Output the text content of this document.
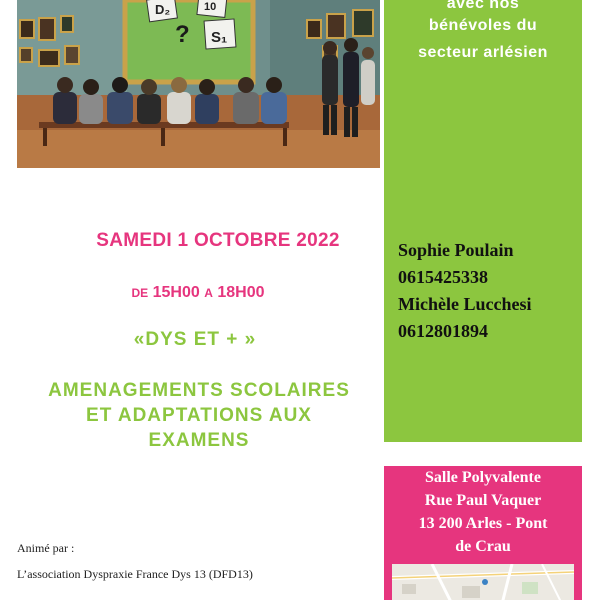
D₂	10
? S₁
avec nos
bénévoles du
secteur arlésien
Sophie Poulain
0615425338
Michèle Lucchesi
0612801894
SAMEDI 1 OCTOBRE 2022
DE 15H00 A 18H00
«DYS ET + »
AMENAGEMENTS SCOLAIRES
ET ADAPTATIONS AUX
EXAMENS
Salle Polyvalente
Rue Paul Vaquer
13 200 Arles - Pont
de Crau
Animé par :
L’association Dyspraxie France Dys 13 (DFD13)
